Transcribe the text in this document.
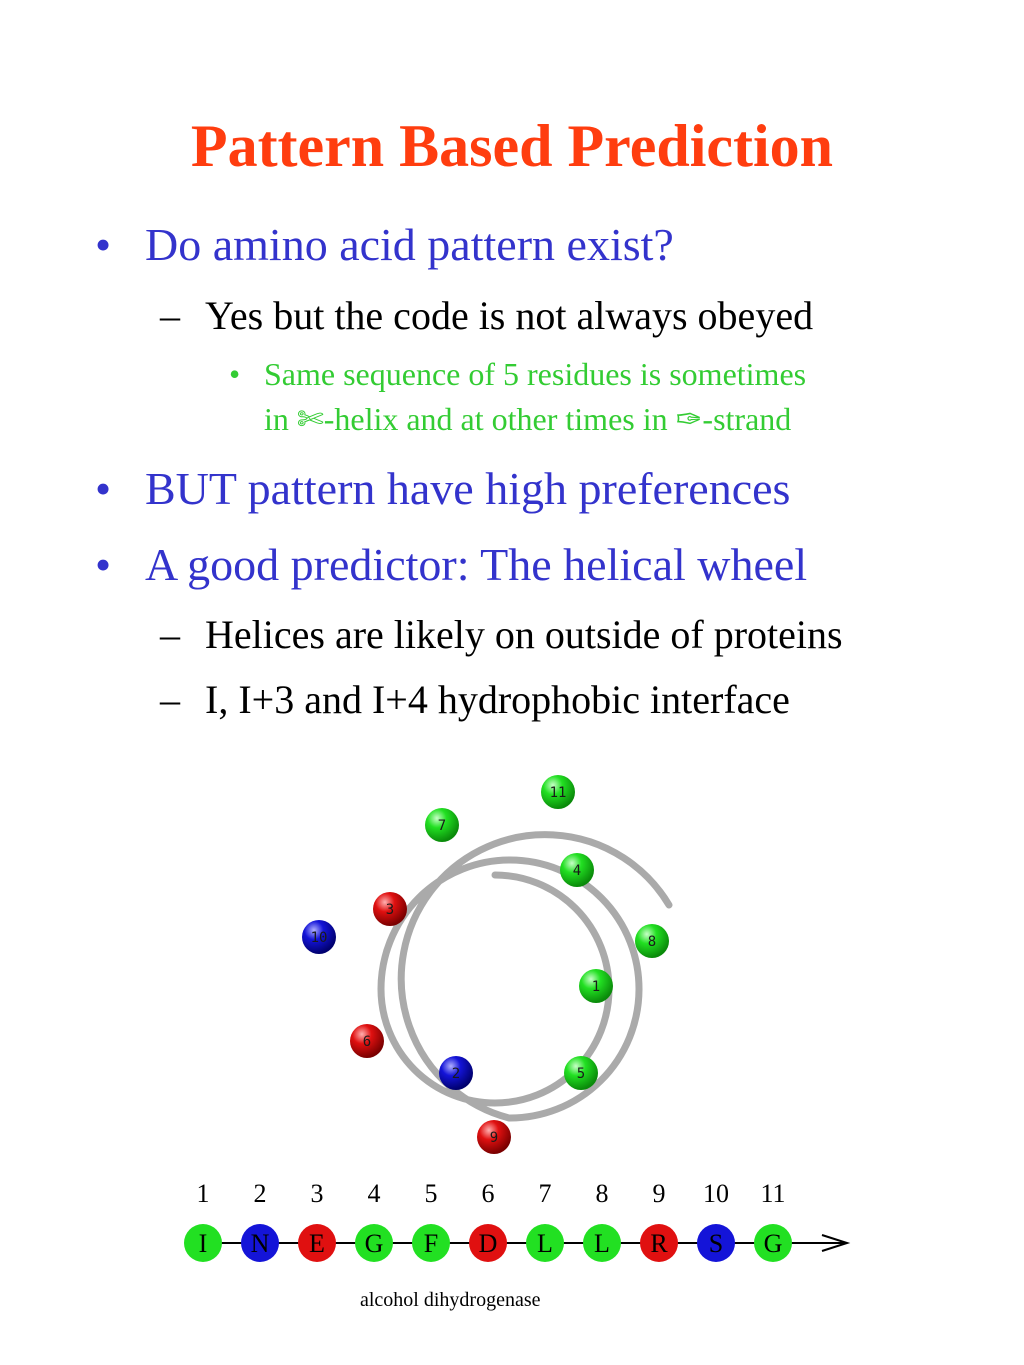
Pattern Based Prediction
• Do amino acid pattern exist?
– Yes but the code is not always obeyed
• Same sequence of 5 residues is sometimes
in ✄-helix and at other times in ✑-strand
• BUT pattern have high preferences
• A good predictor: The helical wheel
– Helices are likely on outside of proteins
– I, I+3 and I+4 hydrophobic interface
1
2
3
4
5
6
7
8
9
10
11
1
I
2
N
3
E
4
G
5
F
6
D
7
L
8
L
9
R
10
S
11
G
alcohol dihydrogenase
